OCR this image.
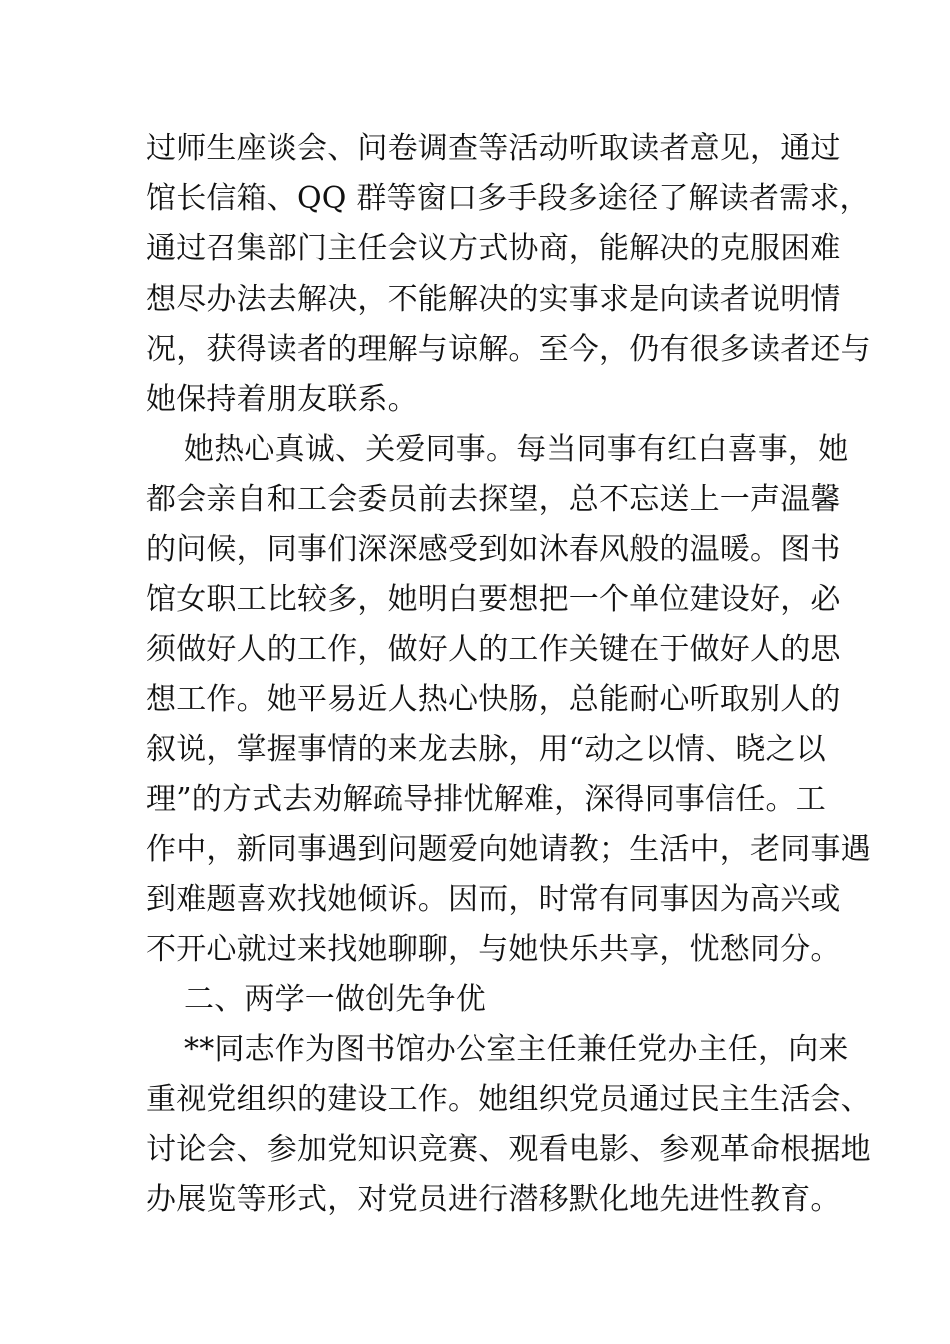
过师生座谈会、问卷调查等活动听取读者意见，通过
馆长信箱、QQ 群等窗口多手段多途径了解读者需求，
通过召集部门主任会议方式协商，能解决的克服困难
想尽办法去解决，不能解决的实事求是向读者说明情
况，获得读者的理解与谅解。至今，仍有很多读者还与
她保持着朋友联系。
她热心真诚、关爱同事。每当同事有红白喜事，她
都会亲自和工会委员前去探望，总不忘送上一声温馨
的问候，同事们深深感受到如沐春风般的温暖。图书
馆女职工比较多，她明白要想把一个单位建设好，必
须做好人的工作，做好人的工作关键在于做好人的思
想工作。她平易近人热心快肠，总能耐心听取别人的
叙说，掌握事情的来龙去脉，用“动之以情、晓之以
理”的方式去劝解疏导排忧解难，深得同事信任。工
作中，新同事遇到问题爱向她请教；生活中，老同事遇
到难题喜欢找她倾诉。因而，时常有同事因为高兴或
不开心就过来找她聊聊，与她快乐共享，忧愁同分。
二、两学一做创先争优
**同志作为图书馆办公室主任兼任党办主任，向来
重视党组织的建设工作。她组织党员通过民主生活会、
讨论会、参加党知识竞赛、观看电影、参观革命根据地
办展览等形式，对党员进行潜移默化地先进性教育。
